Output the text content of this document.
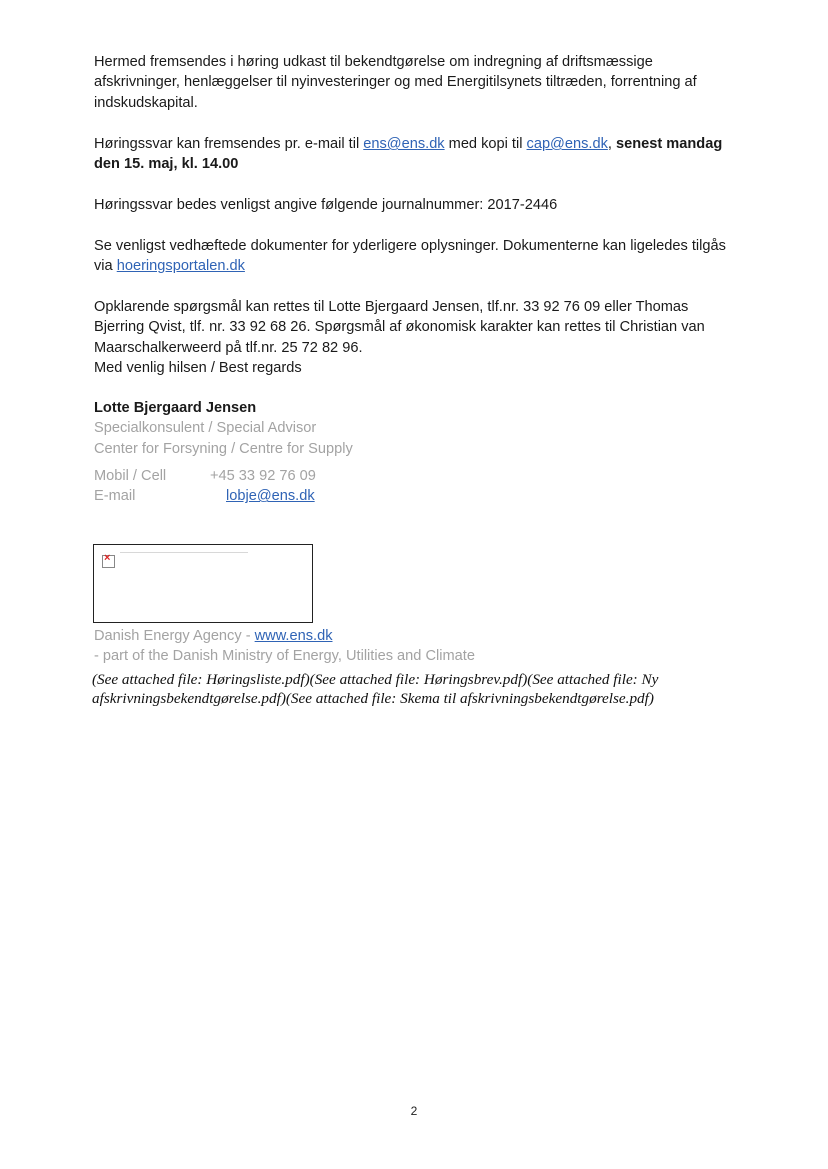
Hermed fremsendes i høring udkast til bekendtgørelse om indregning af driftsmæssige afskrivninger, henlæggelser til nyinvesteringer og med Energitilsynets tiltræden, forrentning af indskudskapital.

Høringssvar kan fremsendes pr. e-mail til ens@ens.dk med kopi til cap@ens.dk, senest mandag den 15. maj, kl. 14.00

Høringssvar bedes venligst angive følgende journalnummer: 2017-2446

Se venligst vedhæftede dokumenter for yderligere oplysninger. Dokumenterne kan ligeledes tilgås via hoeringsportalen.dk

Opklarende spørgsmål kan rettes til Lotte Bjergaard Jensen, tlf.nr. 33 92 76 09 eller Thomas Bjerring Qvist, tlf. nr. 33 92 68 26. Spørgsmål af økonomisk karakter kan rettes til Christian van Maarschalkerweerd på tlf.nr. 25 72 82 96.

Med venlig hilsen / Best regards

Lotte Bjergaard Jensen

Specialkonsulent / Special Advisor

Center for Forsyning / Centre for Supply

Mobil / Cell	+45 33 92 76 09
E-mail	lobje@ens.dk
×

Danish Energy Agency - www.ens.dk

- part of the Danish Ministry of Energy, Utilities and Climate

(See attached file: Høringsliste.pdf)(See attached file: Høringsbrev.pdf)(See attached file: Ny afskrivningsbekendtgørelse.pdf)(See attached file: Skema til afskrivningsbekendtgørelse.pdf)
2
